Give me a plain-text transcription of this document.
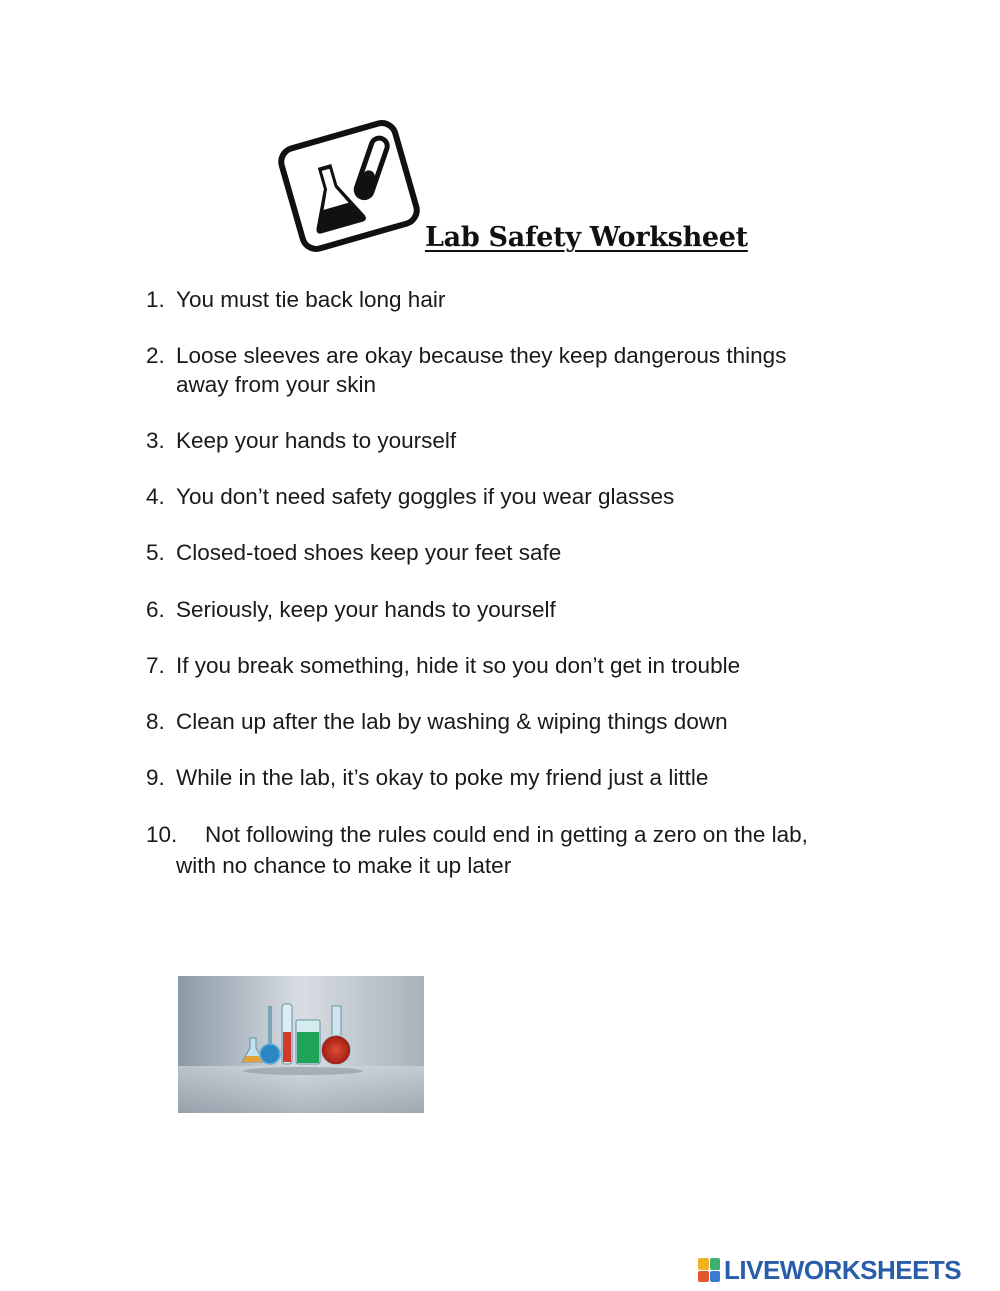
Lab Safety Worksheet
1. You must tie back long hair
2. Loose sleeves are okay because they keep dangerous things
away from your skin
3. Keep your hands to yourself
4. You don’t need safety goggles if you wear glasses
5. Closed-toed shoes keep your feet safe
6. Seriously, keep your hands to yourself
7. If you break something, hide it so you don’t get in trouble
8. Clean up after the lab by washing & wiping things down
9. While in the lab, it’s okay to poke my friend just a little
10.	Not following the rules could end in getting a zero on the lab,
with no chance to make it up later
LIVEWORKSHEETS
